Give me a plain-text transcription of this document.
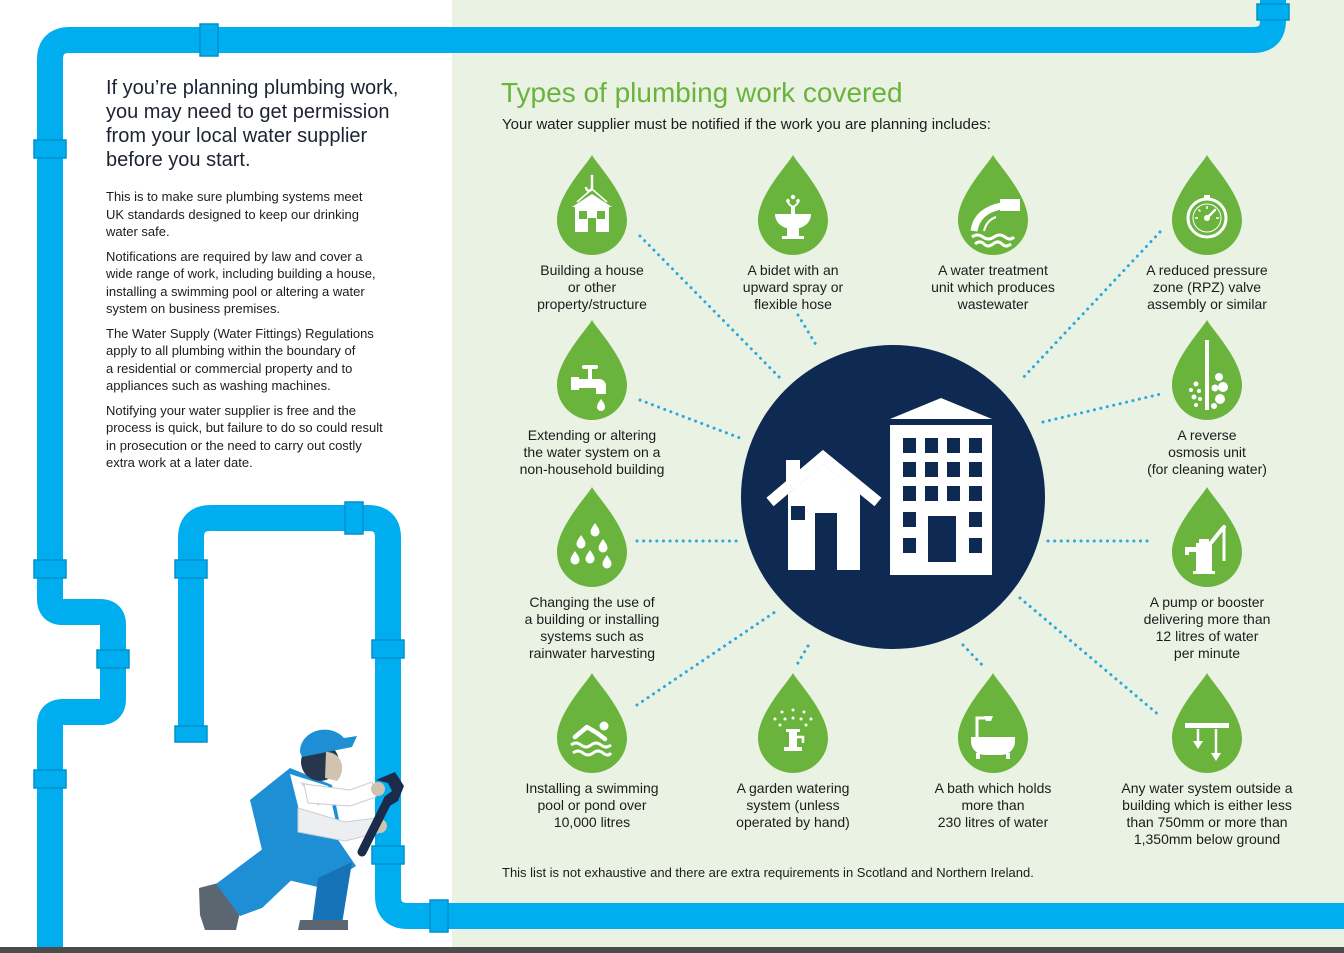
If you’re planning plumbing work,
you may need to get permission
from your local water supplier
before you start.

This is to make sure plumbing systems meet
UK standards designed to keep our drinking
water safe.

Notifications are required by law and cover a
wide range of work, including building a house,
installing a swimming pool or altering a water
system on business premises.

The Water Supply (Water Fittings) Regulations
apply to all plumbing within the boundary of
a residential or commercial property and to
appliances such as washing machines.

Notifying your water supplier is free and the
process is quick, but failure to do so could result
in prosecution or the need to carry out costly
extra work at a later date.

Types of plumbing work covered
Your water supplier must be notified if the work you are planning includes:
This list is not exhaustive and there are extra requirements in Scotland and Northern Ireland.
Building a house
or other
property/structure
A bidet with an
upward spray or
flexible hose
A water treatment
unit which produces
wastewater
A reduced pressure
zone (RPZ) valve
assembly or similar
Extending or altering
the water system on a
non-household building
A reverse
osmosis unit
(for cleaning water)
Changing the use of
a building or installing
systems such as
rainwater harvesting
A pump or booster
delivering more than
12 litres of water
per minute
Installing a swimming
pool or pond over
10,000 litres
A garden watering
system (unless
operated by hand)
A bath which holds
more than
230 litres of water
Any water system outside a
building which is either less
than 750mm or more than
1,350mm below ground
